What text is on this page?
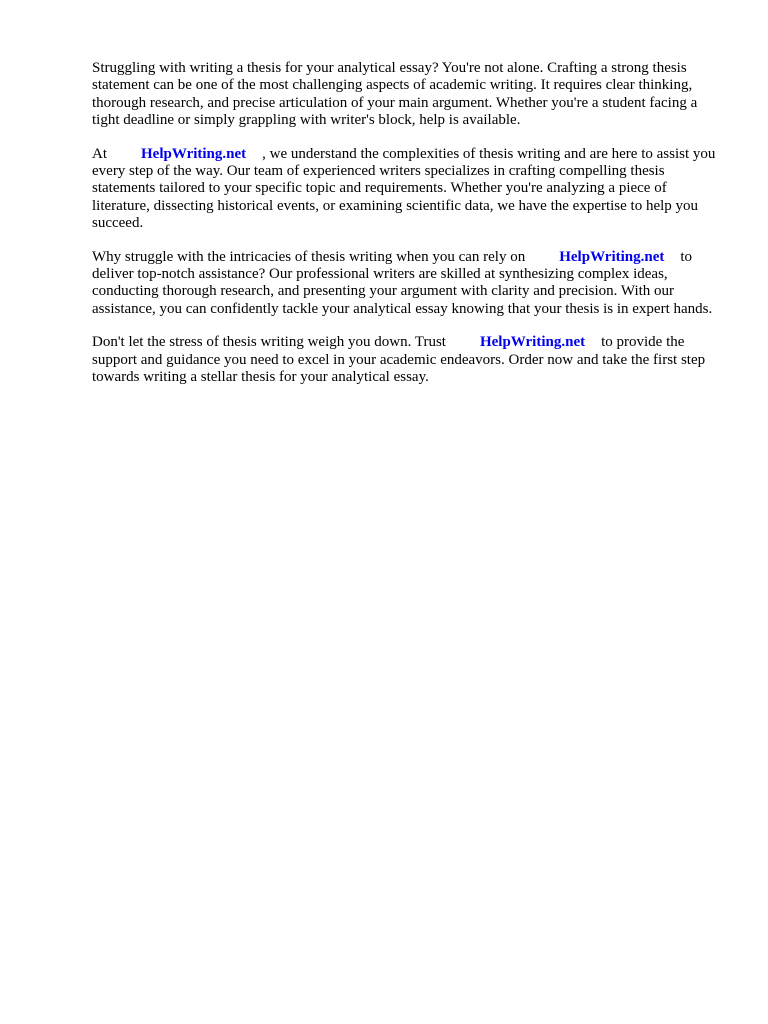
Struggling with writing a thesis for your analytical essay? You're not alone. Crafting a strong thesis statement can be one of the most challenging aspects of academic writing. It requires clear thinking, thorough research, and precise articulation of your main argument. Whether you're a student facing a tight deadline or simply grappling with writer's block, help is available.

At HelpWriting.net , we understand the complexities of thesis writing and are here to assist you every step of the way. Our team of experienced writers specializes in crafting compelling thesis statements tailored to your specific topic and requirements. Whether you're analyzing a piece of literature, dissecting historical events, or examining scientific data, we have the expertise to help you succeed.

Why struggle with the intricacies of thesis writing when you can rely on HelpWriting.net to deliver top-notch assistance? Our professional writers are skilled at synthesizing complex ideas, conducting thorough research, and presenting your argument with clarity and precision. With our assistance, you can confidently tackle your analytical essay knowing that your thesis is in expert hands.

Don't let the stress of thesis writing weigh you down. Trust HelpWriting.net to provide the support and guidance you need to excel in your academic endeavors. Order now and take the first step towards writing a stellar thesis for your analytical essay.
